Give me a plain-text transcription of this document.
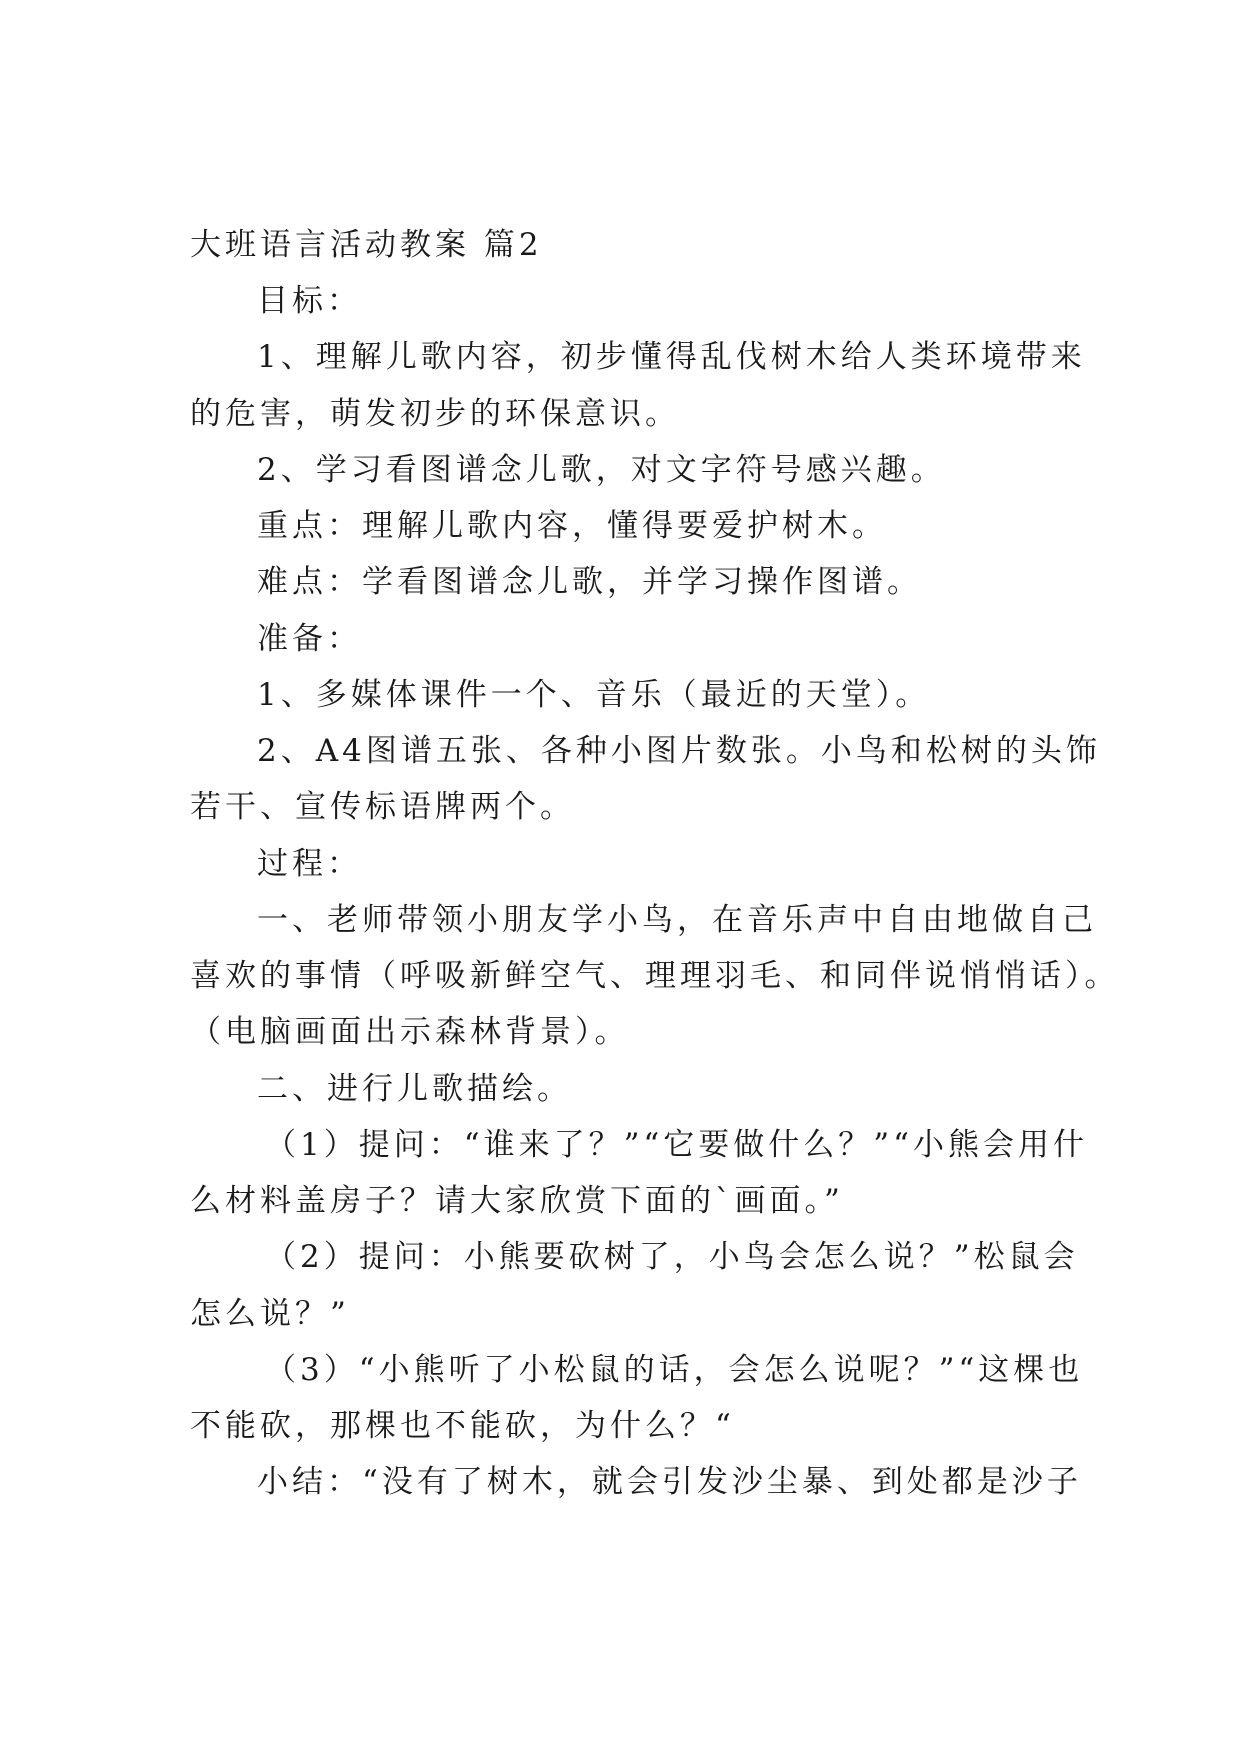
大班语言活动教案 篇2
目标：
1、理解儿歌内容，初步懂得乱伐树木给人类环境带来
的危害，萌发初步的环保意识。
2、学习看图谱念儿歌，对文字符号感兴趣。
重点：理解儿歌内容，懂得要爱护树木。
难点：学看图谱念儿歌，并学习操作图谱。
准备：
1、多媒体课件一个、音乐（最近的天堂）。
2、A4图谱五张、各种小图片数张。小鸟和松树的头饰
若干、宣传标语牌两个。
过程：
一、老师带领小朋友学小鸟，在音乐声中自由地做自己
喜欢的事情（呼吸新鲜空气、理理羽毛、和同伴说悄悄话）。
（电脑画面出示森林背景）。
二、进行儿歌描绘。
（1）提问：“谁来了？”“它要做什么？”“小熊会用什
么材料盖房子？请大家欣赏下面的`画面。”
（2）提问：小熊要砍树了，小鸟会怎么说？”松鼠会
怎么说？”
（3）“小熊听了小松鼠的话，会怎么说呢？”“这棵也
不能砍，那棵也不能砍，为什么？“
小结：“没有了树木，就会引发沙尘暴、到处都是沙子
